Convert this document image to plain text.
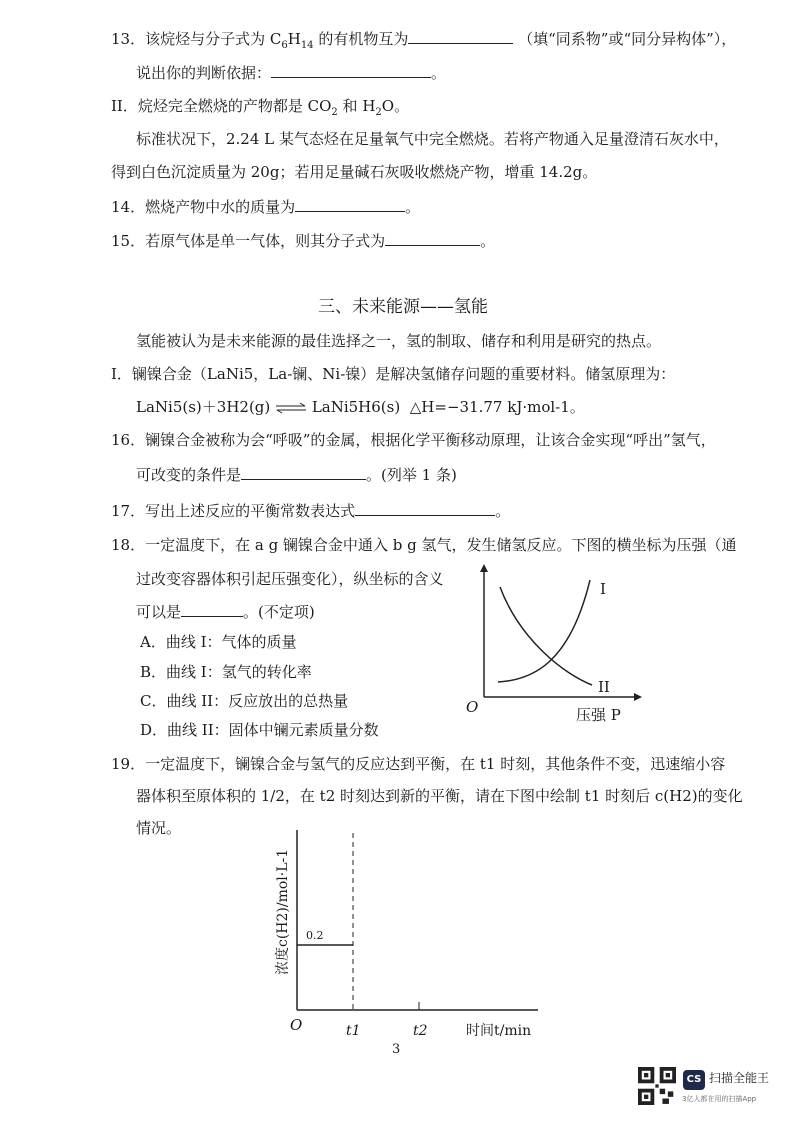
13．该烷烃与分子式为 $C_6H_{14}$ 的有机物互为	（填“同系物”或“同分异构体”），
说出你的判断依据：	。
II．烷烃完全燃烧的产物都是 $CO_2$ 和 $H_2O$。
标准状况下，2.24 L 某气态烃在足量氧气中完全燃烧。若将产物通入足量澄清石灰水中，
得到白色沉淀质量为 20g；若用足量碱石灰吸收燃烧产物，增重 14.2g。
14．燃烧产物中水的质量为	。
15．若原气体是单一气体，则其分子式为	。
三、未来能源——氢能
氢能被认为是未来能源的最佳选择之一，氢的制取、储存和利用是研究的热点。
I．镧镍合金（LaNi5，La-镧、Ni-镍）是解决氢储存问题的重要材料。储氢原理为：
LaNi5(s)＋3H2(g) ⇌ LaNi5H6(s) △H=−31.77 kJ·mol-1。
16．镧镍合金被称为会“呼吸”的金属，根据化学平衡移动原理，让该合金实现“呼出”氢气，
可改变的条件是	。(列举 1 条)
17．写出上述反应的平衡常数表达式	。
18．一定温度下，在 a g 镧镍合金中通入 b g 氢气，发生储氢反应。下图的横坐标为压强（通
过改变容器体积引起压强变化），纵坐标的含义
可以是	。(不定项)
A．曲线 I：气体的质量
B．曲线 I：氢气的转化率
C．曲线 II：反应放出的总热量
D．曲线 II：固体中镧元素质量分数
I
II
O	压强 P
19．一定温度下，镧镍合金与氢气的反应达到平衡，在 t1 时刻，其他条件不变，迅速缩小容
器体积至原体积的 1/2，在 t2 时刻达到新的平衡，请在下图中绘制 t1 时刻后 c(H2)的变化
情况。
0.2
O	t1	t2	时间t/min
浓度c(H2)/mol·L-1
3
CS 扫描全能王
3亿人都在用的扫描App
